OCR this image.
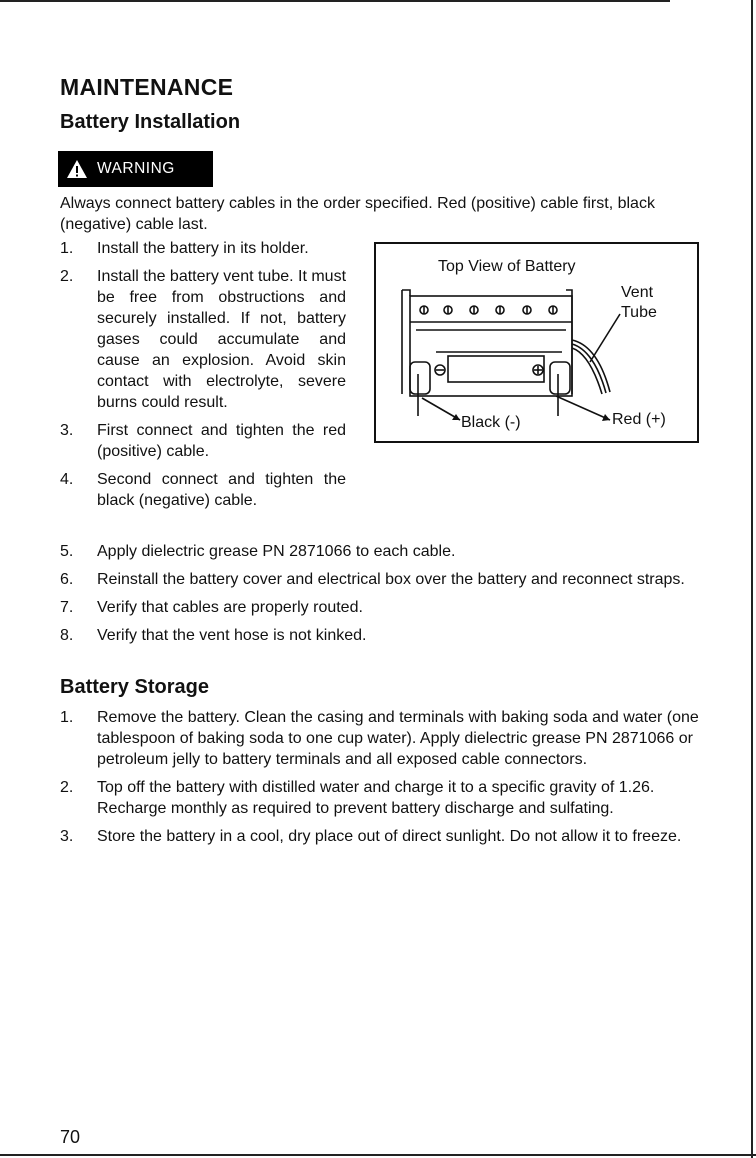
MAINTENANCE
Battery Installation
WARNING

Always connect battery cables in the order specified. Red (positive) cable first, black (negative) cable last.

1.	Install the battery in its holder.
2.	Install the battery vent tube. It must be free from obstructions and securely installed. If not, battery gases could accumulate and cause an explosion. Avoid skin contact with electrolyte, severe burns could result.
3.	First connect and tighten the red (positive) cable.
4.	Second connect and tighten the black (negative) cable.
Top View of Battery
Vent
Tube
Black (-)	Red (+)
5.	Apply dielectric grease PN 2871066 to each cable.
6.	Reinstall the battery cover and electrical box over the battery and reconnect straps.
7.	Verify that cables are properly routed.
8.	Verify that the vent hose is not kinked.
Battery Storage
1.	Remove the battery. Clean the casing and terminals with baking soda and water (one tablespoon of baking soda to one cup water). Apply dielectric grease PN 2871066 or petroleum jelly to battery terminals and all exposed cable connectors.
2.	Top off the battery with distilled water and charge it to a specific gravity of 1.26. Recharge monthly as required to prevent battery discharge and sulfating.
3.	Store the battery in a cool, dry place out of direct sunlight. Do not allow it to freeze.

70
